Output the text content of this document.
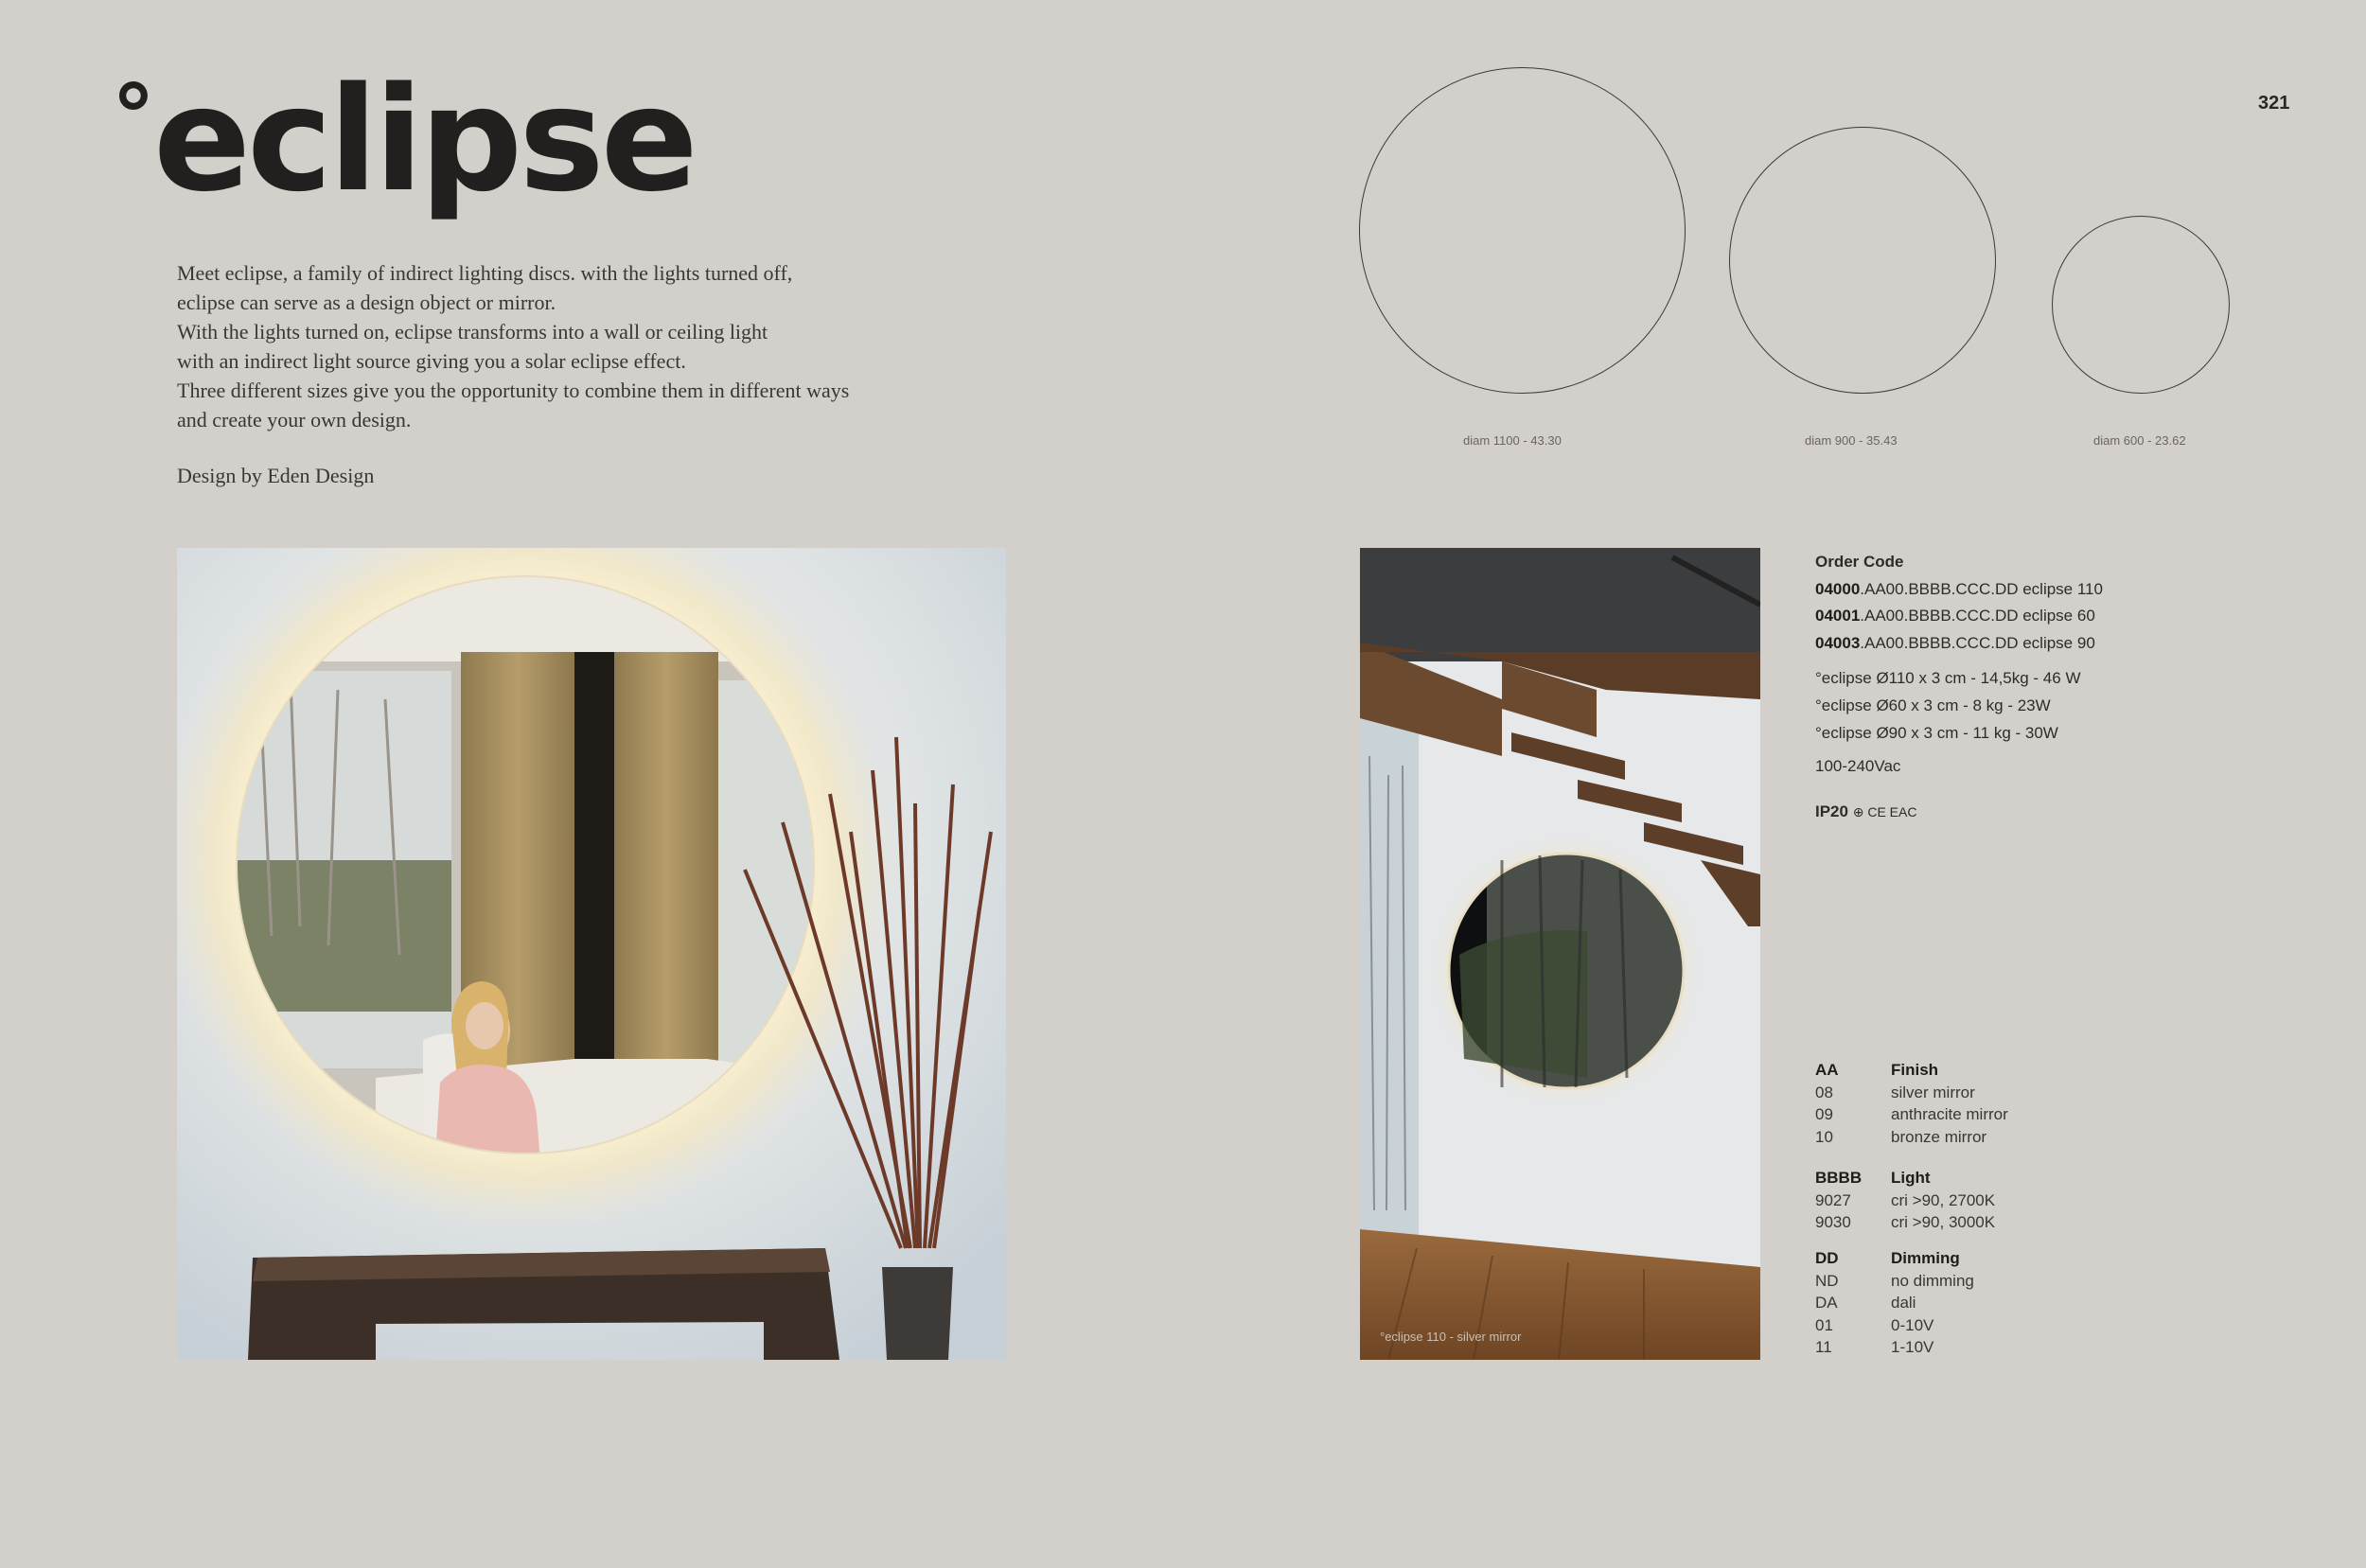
°eclipse	321

Meet eclipse, a family of indirect lighting discs. with the lights turned off,

eclipse can serve as a design object or mirror.

With the lights turned on, eclipse transforms into a wall or ceiling light

with an indirect light source giving you a solar eclipse effect.

Three different sizes give you the opportunity to combine them in different ways

and create your own design.

Design by Eden Design
diam 1100 - 43.30	diam 900 - 35.43	diam 600 - 23.62
°eclipse 110 - silver mirror
Order Code
04000.AA00.BBBB.CCC.DD eclipse 110
04001.AA00.BBBB.CCC.DD eclipse 60
04003.AA00.BBBB.CCC.DD eclipse 90
°eclipse Ø110 x 3 cm - 14,5kg - 46 W
°eclipse Ø60 x 3 cm - 8 kg - 23W
°eclipse Ø90 x 3 cm - 11 kg - 30W
100-240Vac
IP20 ⊕ CE EAC
AA	Finish
08	silver mirror
09	anthracite mirror
10	bronze mirror
BBBB	Light
9027	cri >90, 2700K
9030	cri >90, 3000K
DD	Dimming
ND	no dimming
DA	dali
01	0-10V
11	1-10V
